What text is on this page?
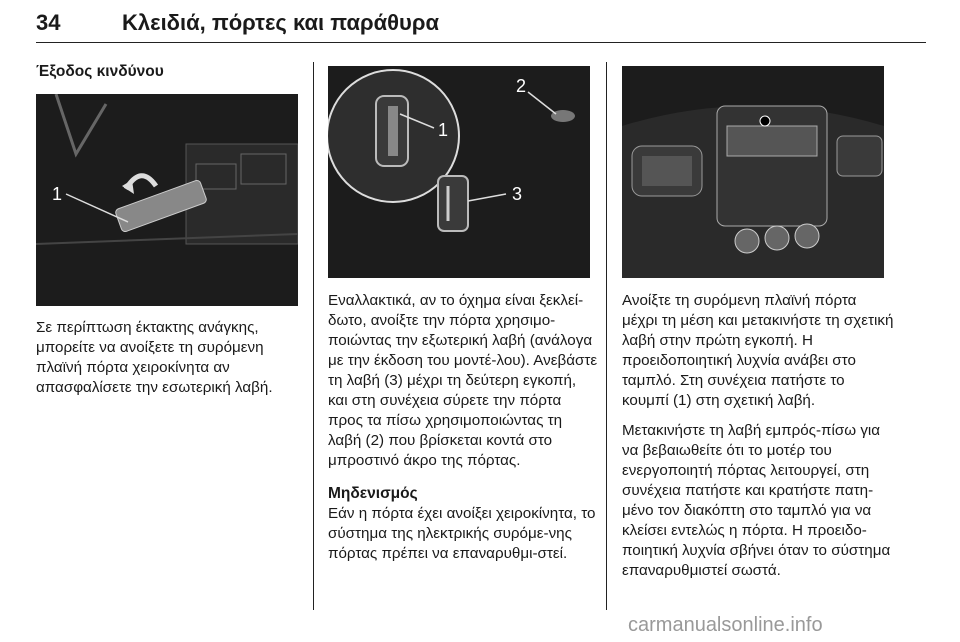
34	Κλειδιά, πόρτες και παράθυρα
Έξοδος κινδύνου
1

Σε περίπτωση έκτακτης ανάγκης, μπορείτε να ανοίξετε τη συρόμενη πλαϊνή πόρτα χειροκίνητα αν απασφαλίσετε την εσωτερική λαβή.

2
1
3

Εναλλακτικά, αν το όχημα είναι ξεκλεί-δωτο, ανοίξτε την πόρτα χρησιμο-ποιώντας την εξωτερική λαβή (ανάλογα με την έκδοση του μοντέ-λου). Ανεβάστε τη λαβή (3) μέχρι τη δεύτερη εγκοπή, και στη συνέχεια σύρετε την πόρτα προς τα πίσω χρησιμοποιώντας τη λαβή (2) που βρίσκεται κοντά στο μπροστινό άκρο της πόρτας.

Μηδενισμός

Εάν η πόρτα έχει ανοίξει χειροκίνητα, το σύστημα της ηλεκτρικής συρόμε-νης πόρτας πρέπει να επαναρυθμι-στεί.

Ανοίξτε τη συρόμενη πλαϊνή πόρτα μέχρι τη μέση και μετακινήστε τη σχετική λαβή στην πρώτη εγκοπή. Η προειδοποιητική λυχνία ανάβει στο ταμπλό. Στη συνέχεια πατήστε το κουμπί (1) στη σχετική λαβή.

Μετακινήστε τη λαβή εμπρός-πίσω για να βεβαιωθείτε ότι το μοτέρ του ενεργοποιητή πόρτας λειτουργεί, στη συνέχεια πατήστε και κρατήστε πατη-μένο τον διακόπτη στο ταμπλό για να κλείσει εντελώς η πόρτα. Η προειδο-ποιητική λυχνία σβήνει όταν το σύστημα επαναρυθμιστεί σωστά.

carmanualsonline.info
